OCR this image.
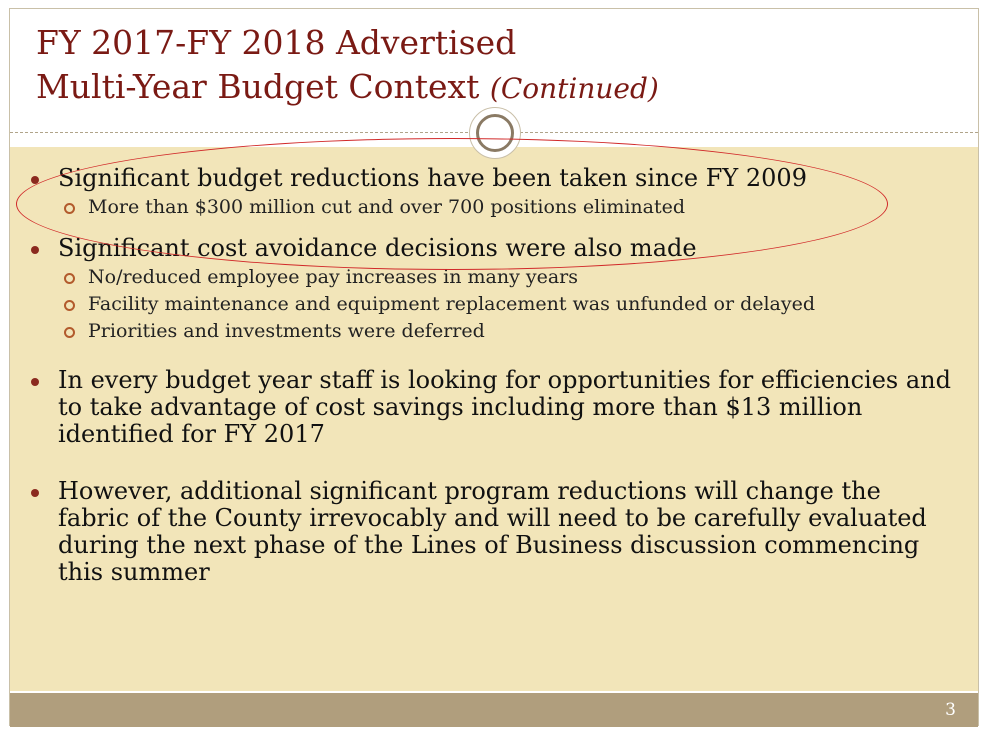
FY 2017-FY 2018 Advertised
Multi-Year Budget Context (Continued)
3
Significant budget reductions have been taken since FY 2009
More than $300 million cut and over 700 positions eliminated
Significant cost avoidance decisions were also made
No/reduced employee pay increases in many years
Facility maintenance and equipment replacement was unfunded or delayed
Priorities and investments were deferred
In every budget year staff is looking for opportunities for efficiencies and to take advantage of cost savings including more than $13 million identified for FY 2017
However, additional significant program reductions will change the fabric of the County irrevocably and will need to be carefully evaluated during the next phase of the Lines of Business discussion commencing this summer
